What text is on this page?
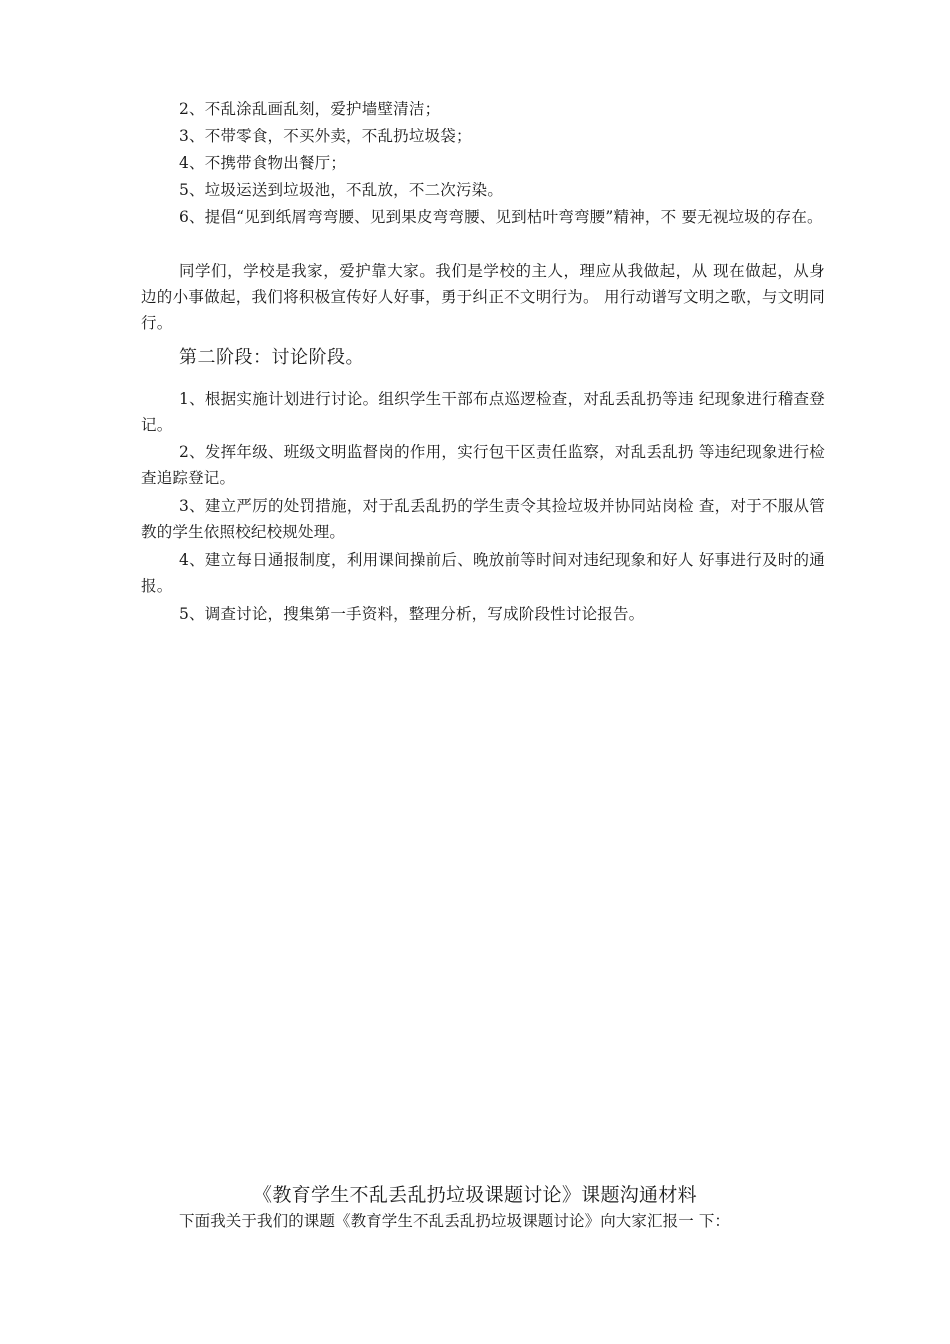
2、不乱涂乱画乱刻，爱护墙壁清洁；
3、不带零食，不买外卖，不乱扔垃圾袋；
4、不携带食物出餐厅；
5、垃圾运送到垃圾池，不乱放，不二次污染。
6、提倡“见到纸屑弯弯腰、见到果皮弯弯腰、见到枯叶弯弯腰”精神，不 要无视垃圾的存在。
同学们，学校是我家，爱护靠大家。我们是学校的主人，理应从我做起，从 现在做起，从身边的小事做起，我们将积极宣传好人好事，勇于纠正不文明行为。 用行动谱写文明之歌，与文明同行。
第二阶段：讨论阶段。
1、根据实施计划进行讨论。组织学生干部布点巡逻检查，对乱丢乱扔等违 纪现象进行稽查登记。
2、发挥年级、班级文明监督岗的作用，实行包干区责任监察，对乱丢乱扔 等违纪现象进行检查追踪登记。
3、建立严厉的处罚措施，对于乱丢乱扔的学生责令其捡垃圾并协同站岗检 查，对于不服从管教的学生依照校纪校规处理。
4、建立每日通报制度，利用课间操前后、晚放前等时间对违纪现象和好人 好事进行及时的通报。
5、调查讨论，搜集第一手资料，整理分析，写成阶段性讨论报告。
《教育学生不乱丢乱扔垃圾课题讨论》课题沟通材料
下面我关于我们的课题《教育学生不乱丢乱扔垃圾课题讨论》向大家汇报一 下：
